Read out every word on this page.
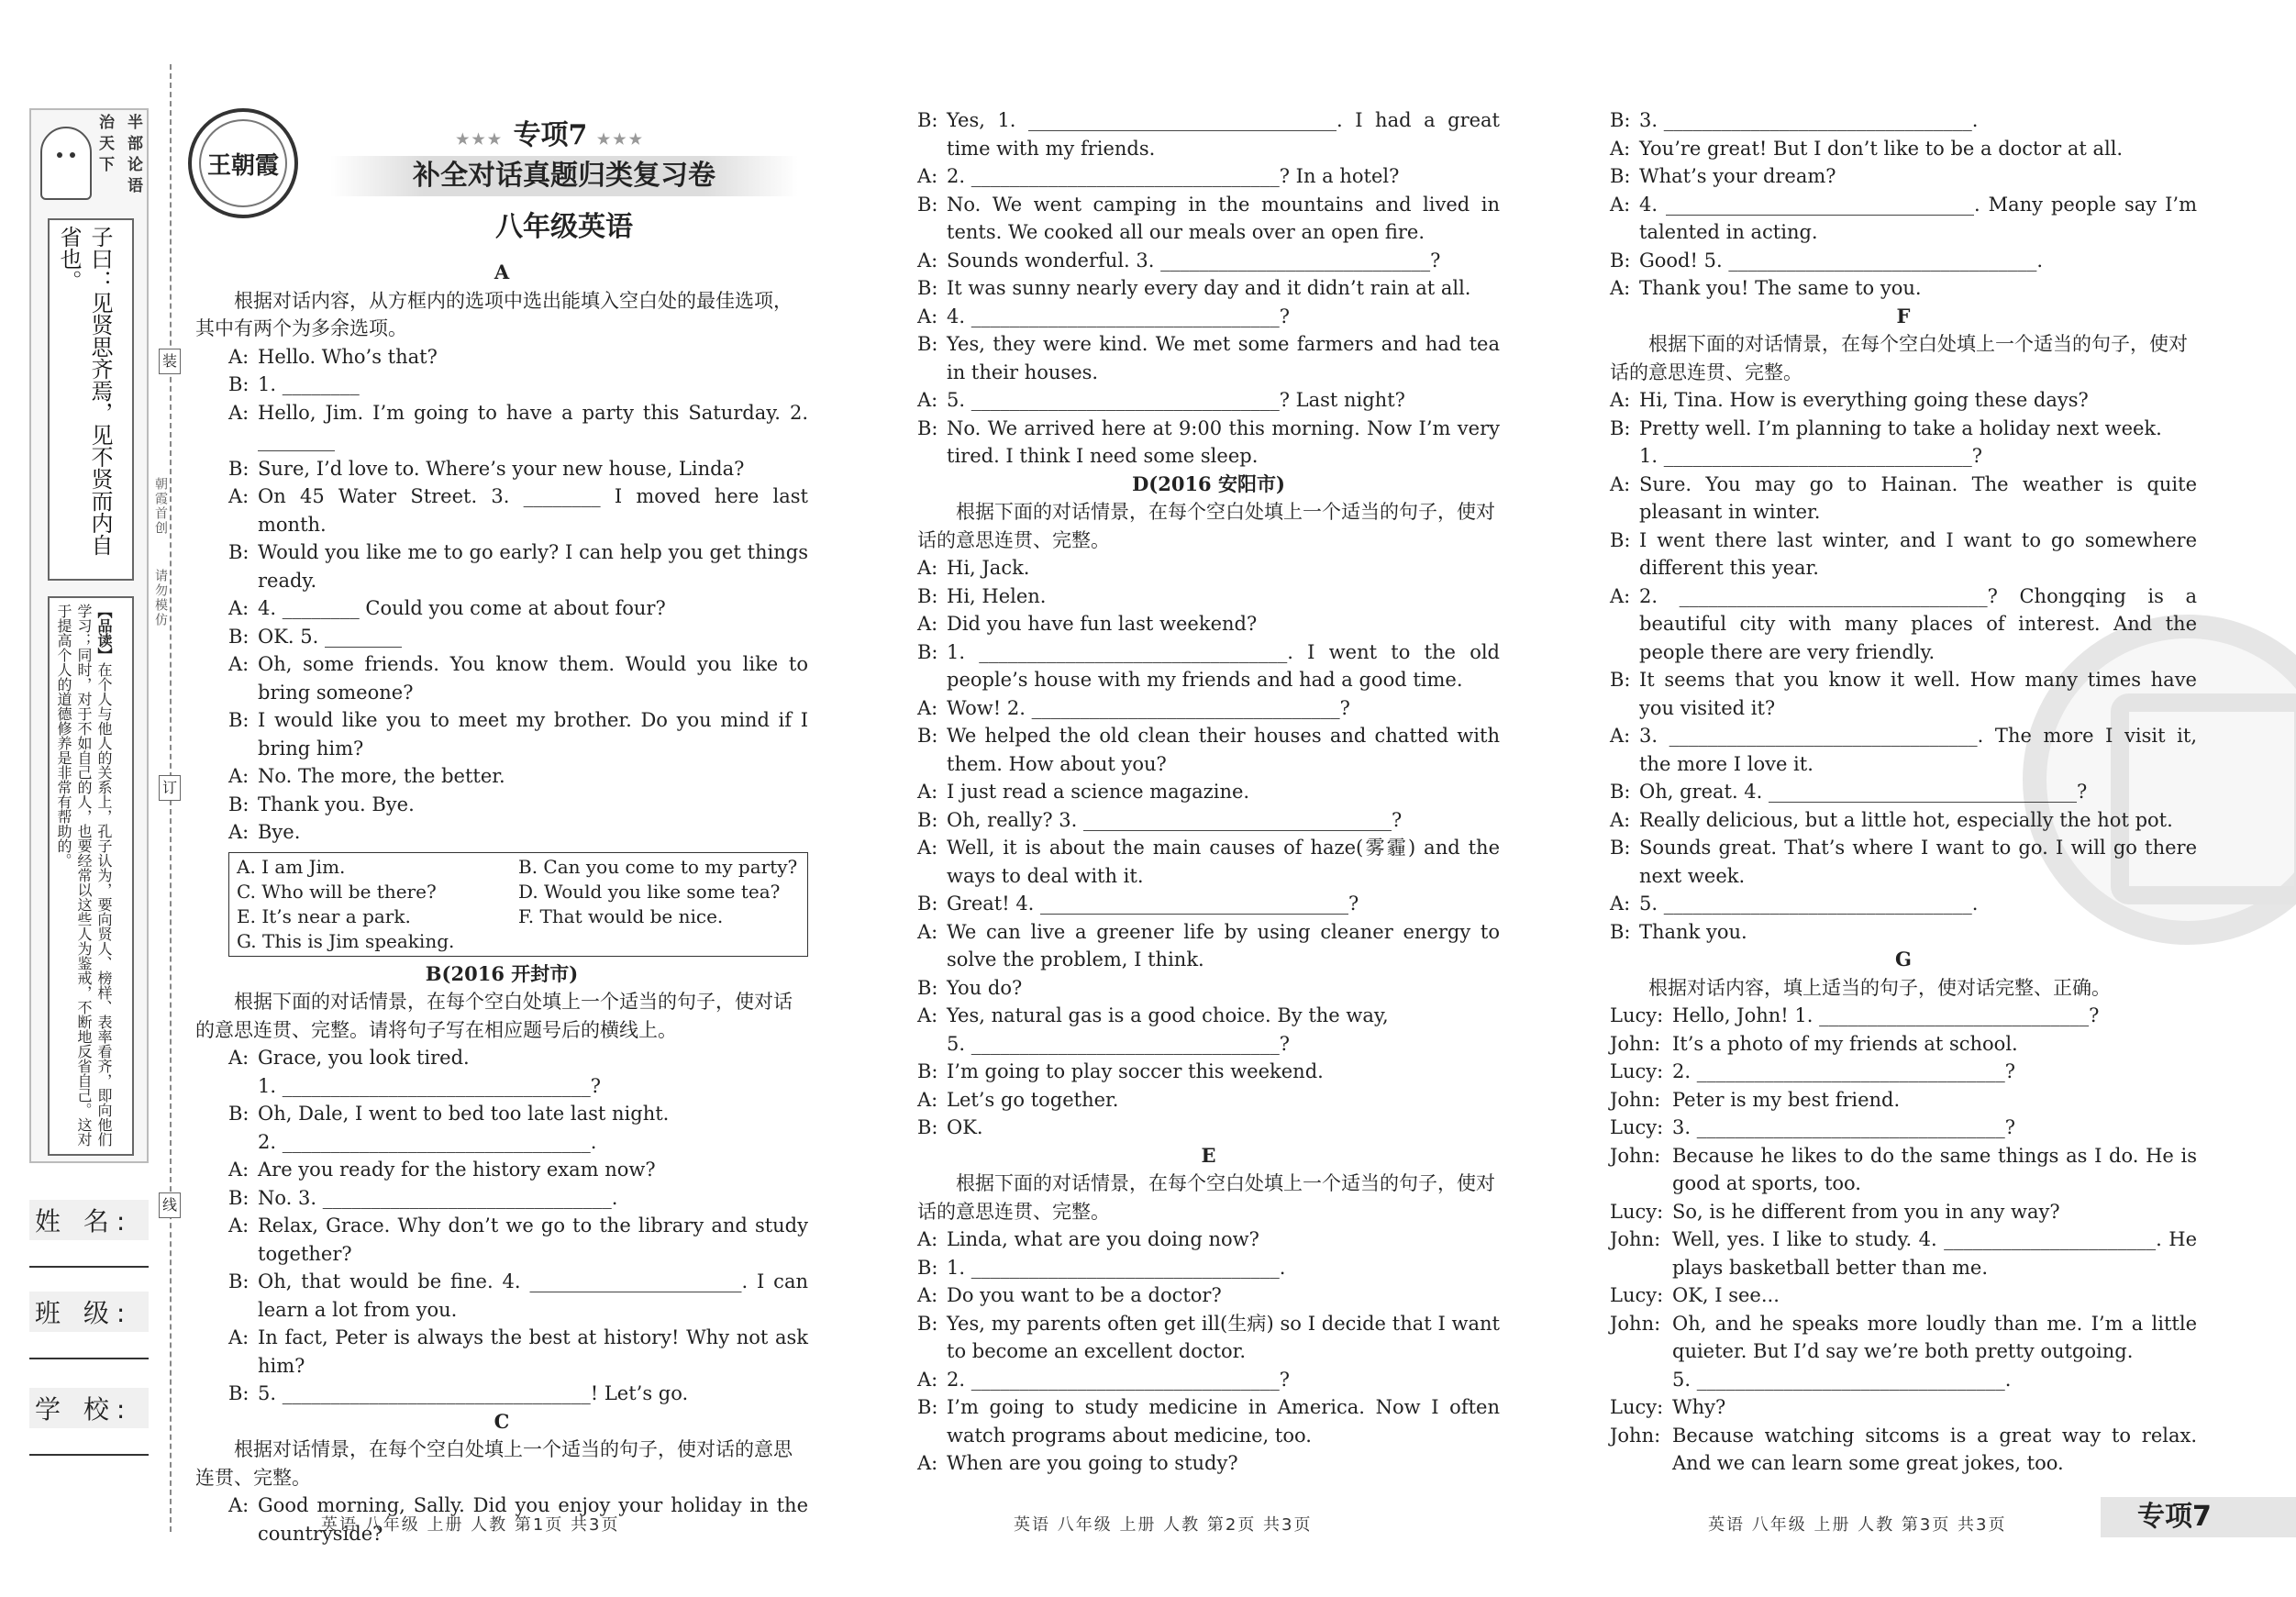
治天下 半部论语
子曰：见贤思齐焉，见不贤而内自省也。
【品读】在个人与他人的关系上，孔子认为，要向贤人、榜样、表率看齐，即向他们学习；同时，对于不如自己的人，也要经常以这些人为鉴戒，不断地反省自己。这对于提高个人的道德修养是非常有帮助的。
姓 名:
班 级:
学 校:
装
订
线
朝霞首创
请勿模仿
王朝霞
★★★ 专项7 ★★★
补全对话真题归类复习卷
八年级英语
A
根据对话内容，从方框内的选项中选出能填入空白处的最佳选项，其中有两个为多余选项。
A: Hello. Who’s that?
B: 1. ________
A: Hello, Jim. I’m going to have a party this Saturday. 2. ________
B: Sure, I’d love to. Where’s your new house, Linda?
A: On 45 Water Street. 3. ________ I moved here last month.
B: Would you like me to go early? I can help you get things ready.
A: 4. ________ Could you come at about four?
B: OK. 5. ________
A: Oh, some friends. You know them. Would you like to bring someone?
B: I would like you to meet my brother. Do you mind if I bring him?
A: No. The more, the better.
B: Thank you. Bye.
A: Bye.
A. I am Jim.	B. Can you come to my party?
C. Who will be there?	D. Would you like some tea?
E. It’s near a park.	F. That would be nice.
G. This is Jim speaking.
B(2016 开封市)
根据下面的对话情景，在每个空白处填上一个适当的句子，使对话的意思连贯、完整。请将句子写在相应题号后的横线上。
A: Grace, you look tired.
1. ________________________________?
B: Oh, Dale, I went to bed too late last night.
2. ________________________________.
A: Are you ready for the history exam now?
B: No. 3. ______________________________.
A: Relax, Grace. Why don’t we go to the library and study together?
B: Oh, that would be fine. 4. ______________________. I can learn a lot from you.
A: In fact, Peter is always the best at history! Why not ask him?
B: 5. ________________________________! Let’s go.
C
根据对话情景，在每个空白处填上一个适当的句子，使对话的意思连贯、完整。
A: Good morning, Sally. Did you enjoy your holiday in the countryside?
B: Yes, 1. ________________________________. I had a great time with my friends.
A: 2. ________________________________? In a hotel?
B: No. We went camping in the mountains and lived in tents. We cooked all our meals over an open fire.
A: Sounds wonderful. 3. ____________________________?
B: It was sunny nearly every day and it didn’t rain at all.
A: 4. ________________________________?
B: Yes, they were kind. We met some farmers and had tea in their houses.
A: 5. ________________________________? Last night?
B: No. We arrived here at 9:00 this morning. Now I’m very tired. I think I need some sleep.
D(2016 安阳市)
根据下面的对话情景，在每个空白处填上一个适当的句子，使对话的意思连贯、完整。
A: Hi, Jack.
B: Hi, Helen.
A: Did you have fun last weekend?
B: 1. ________________________________. I went to the old people’s house with my friends and had a good time.
A: Wow! 2. ________________________________?
B: We helped the old clean their houses and chatted with them. How about you?
A: I just read a science magazine.
B: Oh, really? 3. ________________________________?
A: Well, it is about the main causes of haze(雾霾) and the ways to deal with it.
B: Great! 4. ________________________________?
A: We can live a greener life by using cleaner energy to solve the problem, I think.
B: You do?
A: Yes, natural gas is a good choice. By the way,
5. ________________________________?
B: I’m going to play soccer this weekend.
A: Let’s go together.
B: OK.
E
根据下面的对话情景，在每个空白处填上一个适当的句子，使对话的意思连贯、完整。
A: Linda, what are you doing now?
B: 1. ________________________________.
A: Do you want to be a doctor?
B: Yes, my parents often get ill(生病) so I decide that I want to become an excellent doctor.
A: 2. ________________________________?
B: I’m going to study medicine in America. Now I often watch programs about medicine, too.
A: When are you going to study?
B: 3. ________________________________.
A: You’re great! But I don’t like to be a doctor at all.
B: What’s your dream?
A: 4. ________________________________. Many people say I’m talented in acting.
B: Good! 5. ________________________________.
A: Thank you! The same to you.
F
根据下面的对话情景，在每个空白处填上一个适当的句子，使对话的意思连贯、完整。
A: Hi, Tina. How is everything going these days?
B: Pretty well. I’m planning to take a holiday next week.
1. ________________________________?
A: Sure. You may go to Hainan. The weather is quite pleasant in winter.
B: I went there last winter, and I want to go somewhere different this year.
A: 2. ________________________________? Chongqing is a beautiful city with many places of interest. And the people there are very friendly.
B: It seems that you know it well. How many times have you visited it?
A: 3. ________________________________. The more I visit it, the more I love it.
B: Oh, great. 4. ________________________________?
A: Really delicious, but a little hot, especially the hot pot.
B: Sounds great. That’s where I want to go. I will go there next week.
A: 5. ________________________________.
B: Thank you.
G
根据对话内容，填上适当的句子，使对话完整、正确。
Lucy: Hello, John! 1. ____________________________?
John: It’s a photo of my friends at school.
Lucy: 2. ________________________________?
John: Peter is my best friend.
Lucy: 3. ________________________________?
John: Because he likes to do the same things as I do. He is good at sports, too.
Lucy: So, is he different from you in any way?
John: Well, yes. I like to study. 4. ______________________. He plays basketball better than me.
Lucy: OK, I see...
John: Oh, and he speaks more loudly than me. I’m a little quieter. But I’d say we’re both pretty outgoing.
5. ________________________________.
Lucy: Why?
John: Because watching sitcoms is a great way to relax. And we can learn some great jokes, too.
英语 八年级 上册 人教 第1页 共3页	英语 八年级 上册 人教 第2页 共3页	英语 八年级 上册 人教 第3页 共3页	专项7
